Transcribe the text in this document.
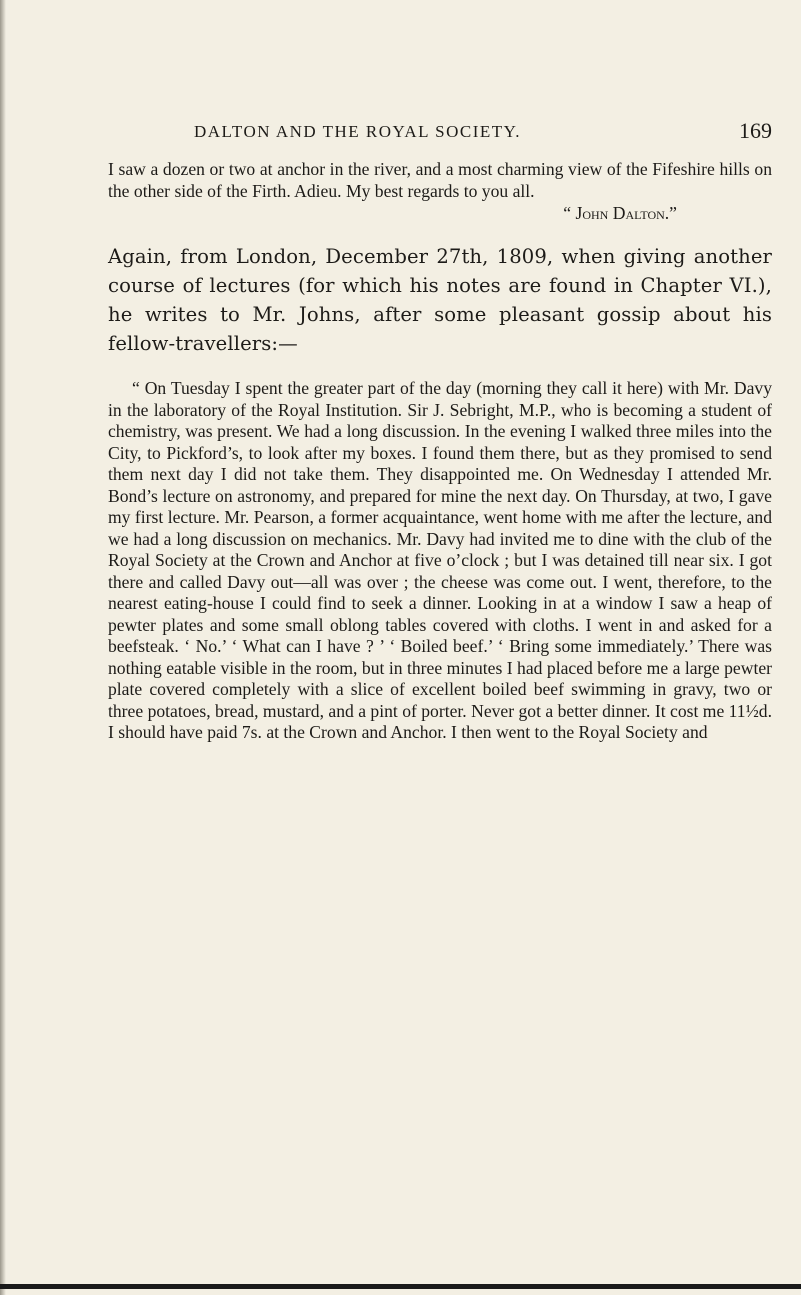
DALTON AND THE ROYAL SOCIETY.	169

I saw a dozen or two at anchor in the river, and a most charming view of the Fifeshire hills on the other side of the Firth. Adieu. My best regards to you all.

“ John Dalton.”

Again, from London, December 27th, 1809, when giving another course of lectures (for which his notes are found in Chapter VI.), he writes to Mr. Johns, after some pleasant gossip about his fellow-travellers:—

“ On Tuesday I spent the greater part of the day (morning they call it here) with Mr. Davy in the laboratory of the Royal Institution. Sir J. Sebright, M.P., who is becoming a student of chemistry, was present. We had a long discussion. In the evening I walked three miles into the City, to Pickford’s, to look after my boxes. I found them there, but as they promised to send them next day I did not take them. They disappointed me. On Wednesday I attended Mr. Bond’s lecture on astronomy, and prepared for mine the next day. On Thursday, at two, I gave my first lecture. Mr. Pearson, a former acquaintance, went home with me after the lecture, and we had a long discussion on mechanics. Mr. Davy had invited me to dine with the club of the Royal Society at the Crown and Anchor at five o’clock ; but I was detained till near six. I got there and called Davy out—all was over ; the cheese was come out. I went, therefore, to the nearest eating-house I could find to seek a dinner. Looking in at a window I saw a heap of pewter plates and some small oblong tables covered with cloths. I went in and asked for a beefsteak. ‘ No.’ ‘ What can I have ? ’ ‘ Boiled beef.’ ‘ Bring some immediately.’ There was nothing eatable visible in the room, but in three minutes I had placed before me a large pewter plate covered completely with a slice of excellent boiled beef swimming in gravy, two or three potatoes, bread, mustard, and a pint of porter. Never got a better dinner. It cost me 11½d. I should have paid 7s. at the Crown and Anchor. I then went to the Royal Society and
